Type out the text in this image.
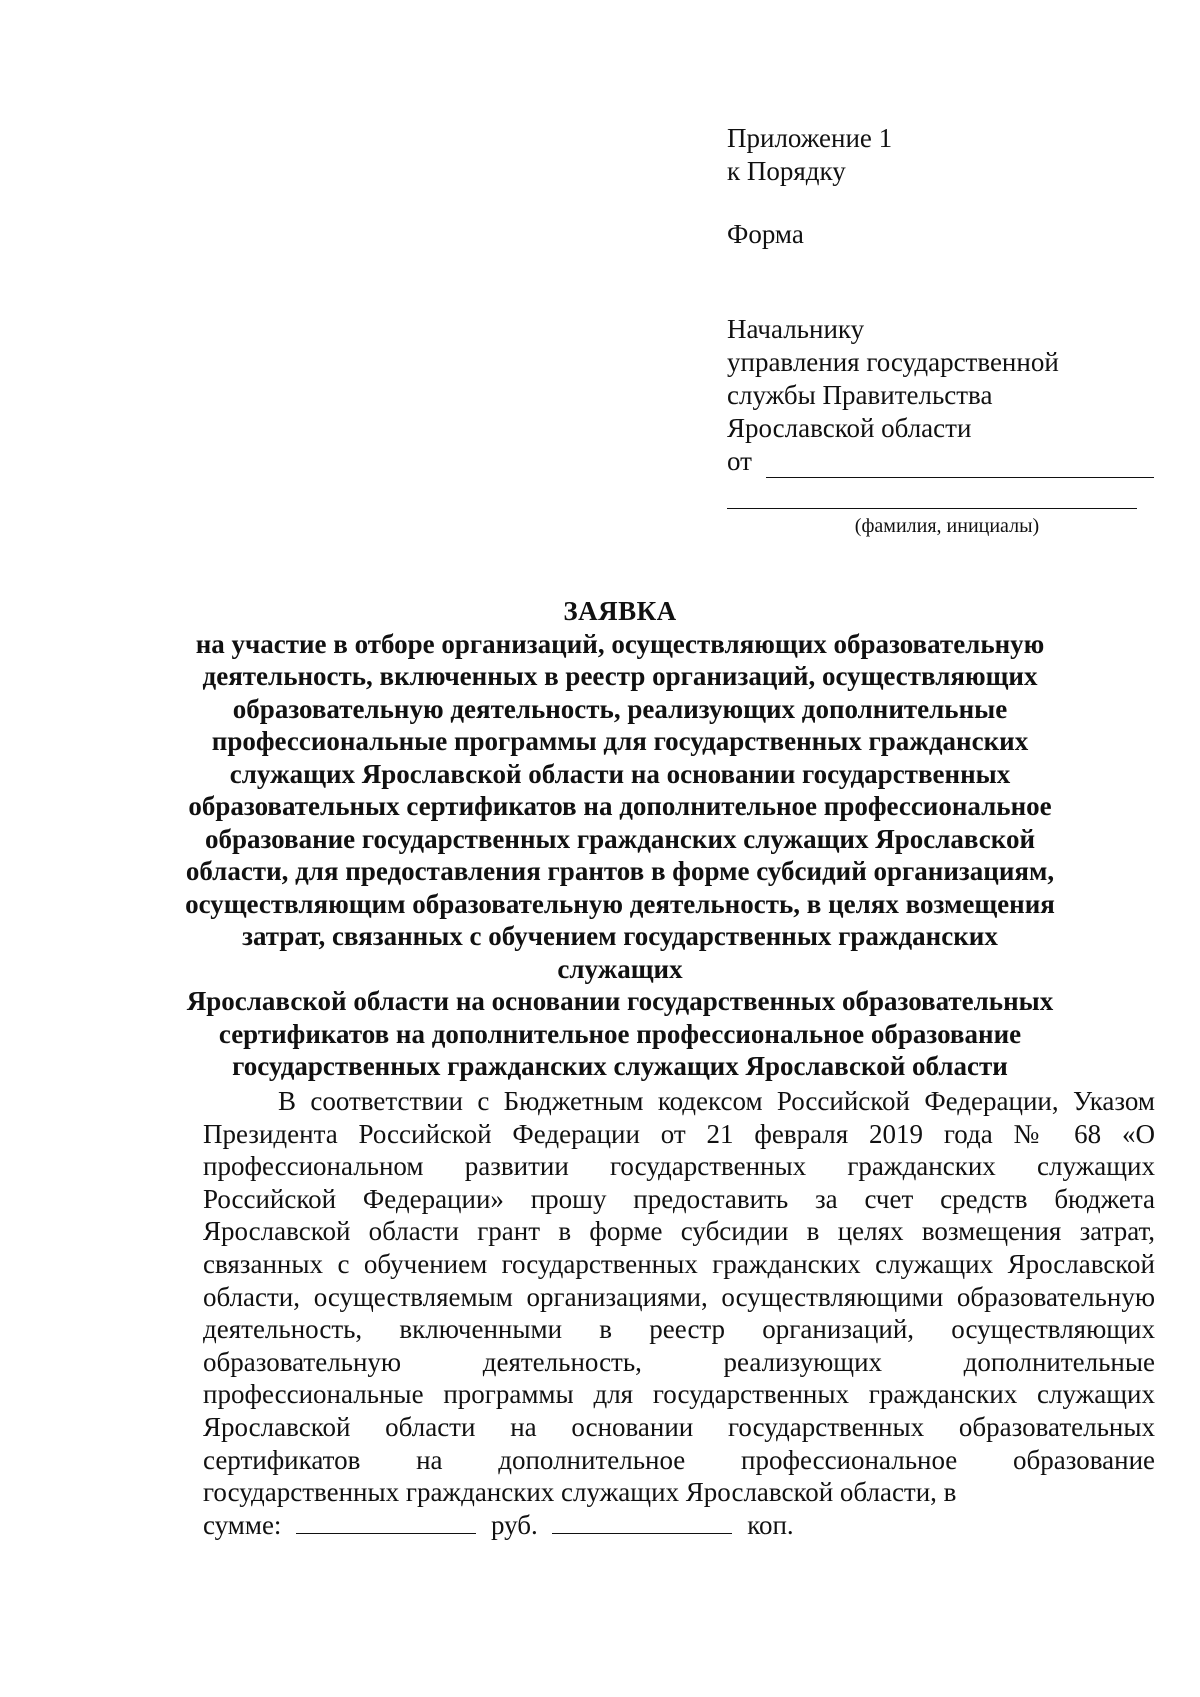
Приложение 1
к Порядку
Форма
Начальнику
управления государственной
службы Правительства
Ярославской области
от
(фамилия, инициалы)
ЗАЯВКА
на участие в отборе организаций, осуществляющих образовательную
деятельность, включенных в реестр организаций, осуществляющих
образовательную деятельность, реализующих дополнительные
профессиональные программы для государственных гражданских
служащих Ярославской области на основании государственных
образовательных сертификатов на дополнительное профессиональное
образование государственных гражданских служащих Ярославской
области, для предоставления грантов в форме субсидий организациям,
осуществляющим образовательную деятельность, в целях возмещения
затрат, связанных с обучением государственных гражданских служащих
Ярославской области на основании государственных образовательных
сертификатов на дополнительное профессиональное образование
государственных гражданских служащих Ярославской области

В соответствии с Бюджетным кодексом Российской Федерации, Указом Президента Российской Федерации от 21 февраля 2019 года № 68 «О профессиональном развитии государственных гражданских служащих Российской Федерации» прошу предоставить за счет средств бюджета Ярославской области грант в форме субсидии в целях возмещения затрат, связанных с обучением государственных гражданских служащих Ярославской области, осуществляемым организациями, осуществляющими образовательную деятельность, включенными в реестр организаций, осуществляющих образовательную деятельность, реализующих дополнительные профессиональные программы для государственных гражданских служащих Ярославской области на основании государственных образовательных сертификатов на дополнительное профессиональное образование государственных гражданских служащих Ярославской области, в

сумме:	руб.	коп.
